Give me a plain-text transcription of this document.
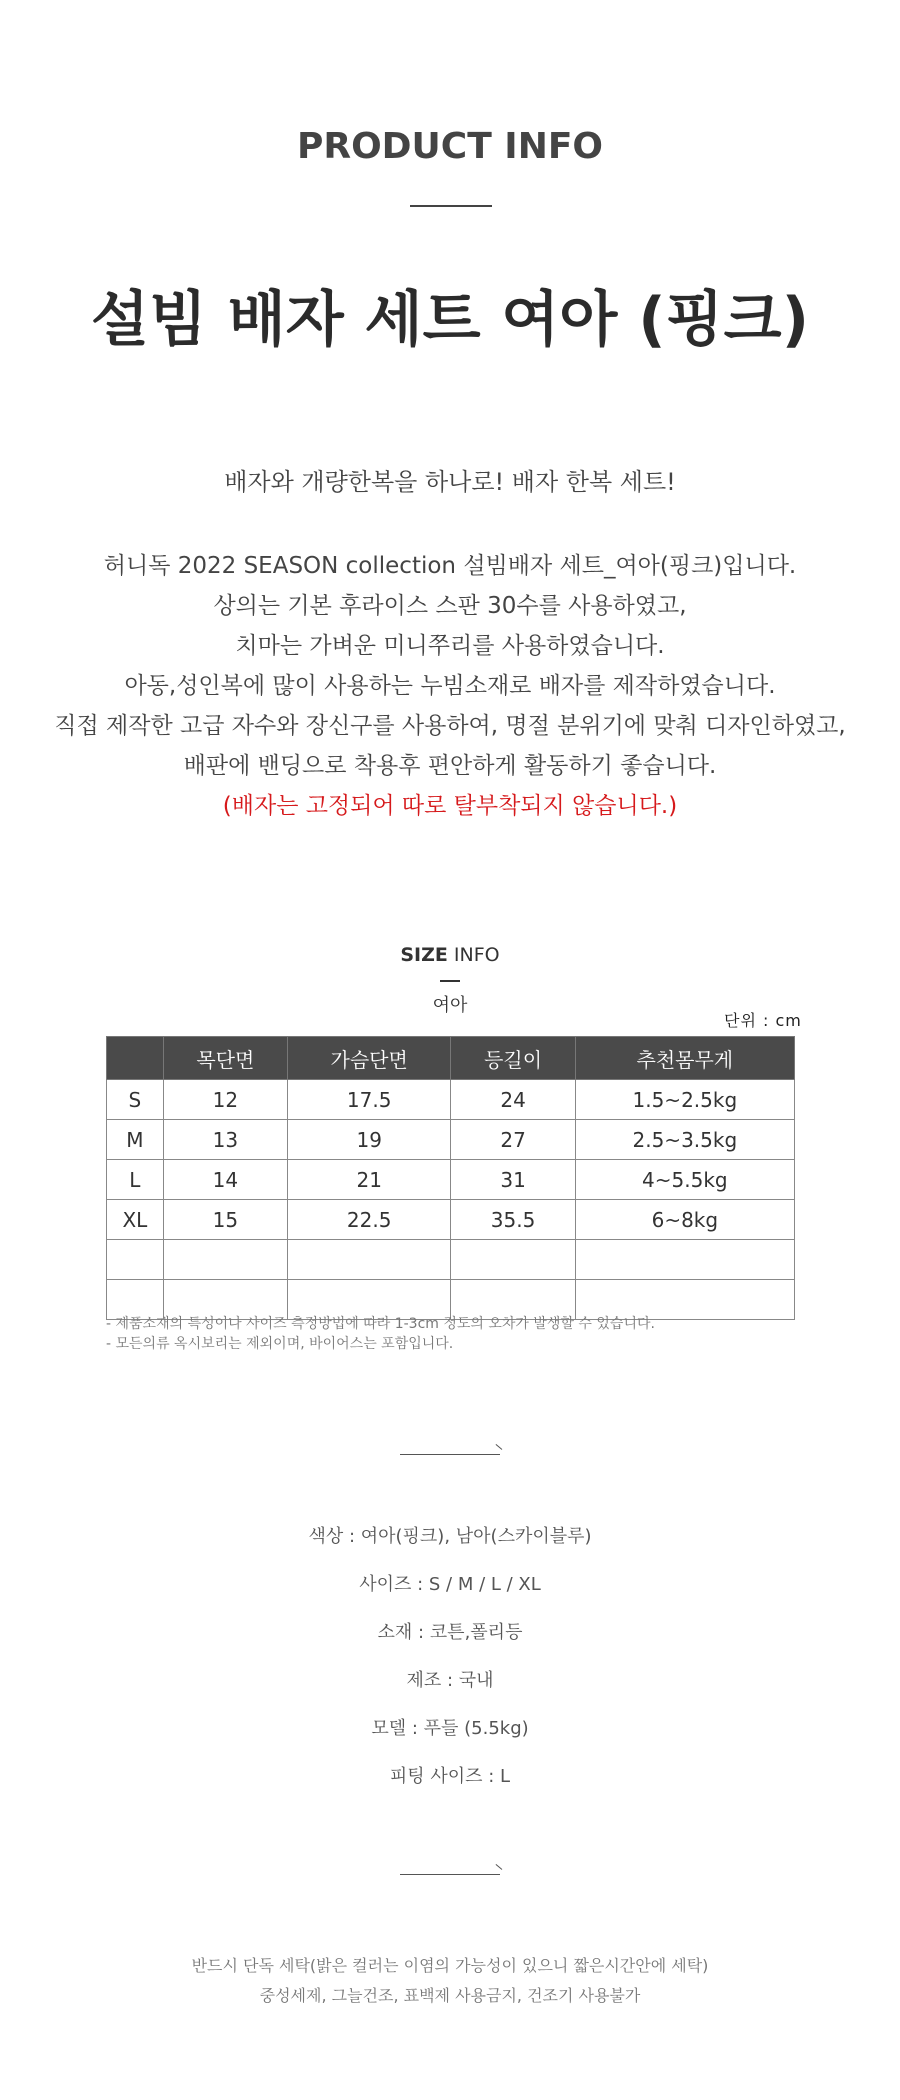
PRODUCT INFO
설빔 배자 세트 여아 (핑크)
배자와 개량한복을 하나로! 배자 한복 세트!
허니독 2022 SEASON collection 설빔배자 세트_여아(핑크)입니다.
상의는 기본 후라이스 스판 30수를 사용하였고,
치마는 가벼운 미니쭈리를 사용하였습니다.
아동,성인복에 많이 사용하는 누빔소재로 배자를 제작하였습니다.
직접 제작한 고급 자수와 장신구를 사용하여, 명절 분위기에 맞춰 디자인하였고,
배판에 밴딩으로 착용후 편안하게 활동하기 좋습니다.
(배자는 고정되어 따로 탈부착되지 않습니다.)
SIZE INFO
여아
단위 : cm
	목단면	가슴단면	등길이	추천몸무게
S	12	17.5	24	1.5~2.5kg
M	13	19	27	2.5~3.5kg
L	14	21	31	4~5.5kg
XL	15	22.5	35.5	6~8kg

- 제품소재의 특성이나 사이즈 측정방법에 따라 1-3cm 정도의 오차가 발생할 수 있습니다.
- 모든의류 옥시보리는 제외이며, 바이어스는 포함입니다.
색상 : 여아(핑크), 남아(스카이블루)
사이즈 : S / M / L / XL
소재 : 코튼,폴리등
제조 : 국내
모델 : 푸들 (5.5kg)
피팅 사이즈 : L
반드시 단독 세탁(밝은 컬러는 이염의 가능성이 있으니 짧은시간안에 세탁)
중성세제, 그늘건조, 표백제 사용금지, 건조기 사용불가
